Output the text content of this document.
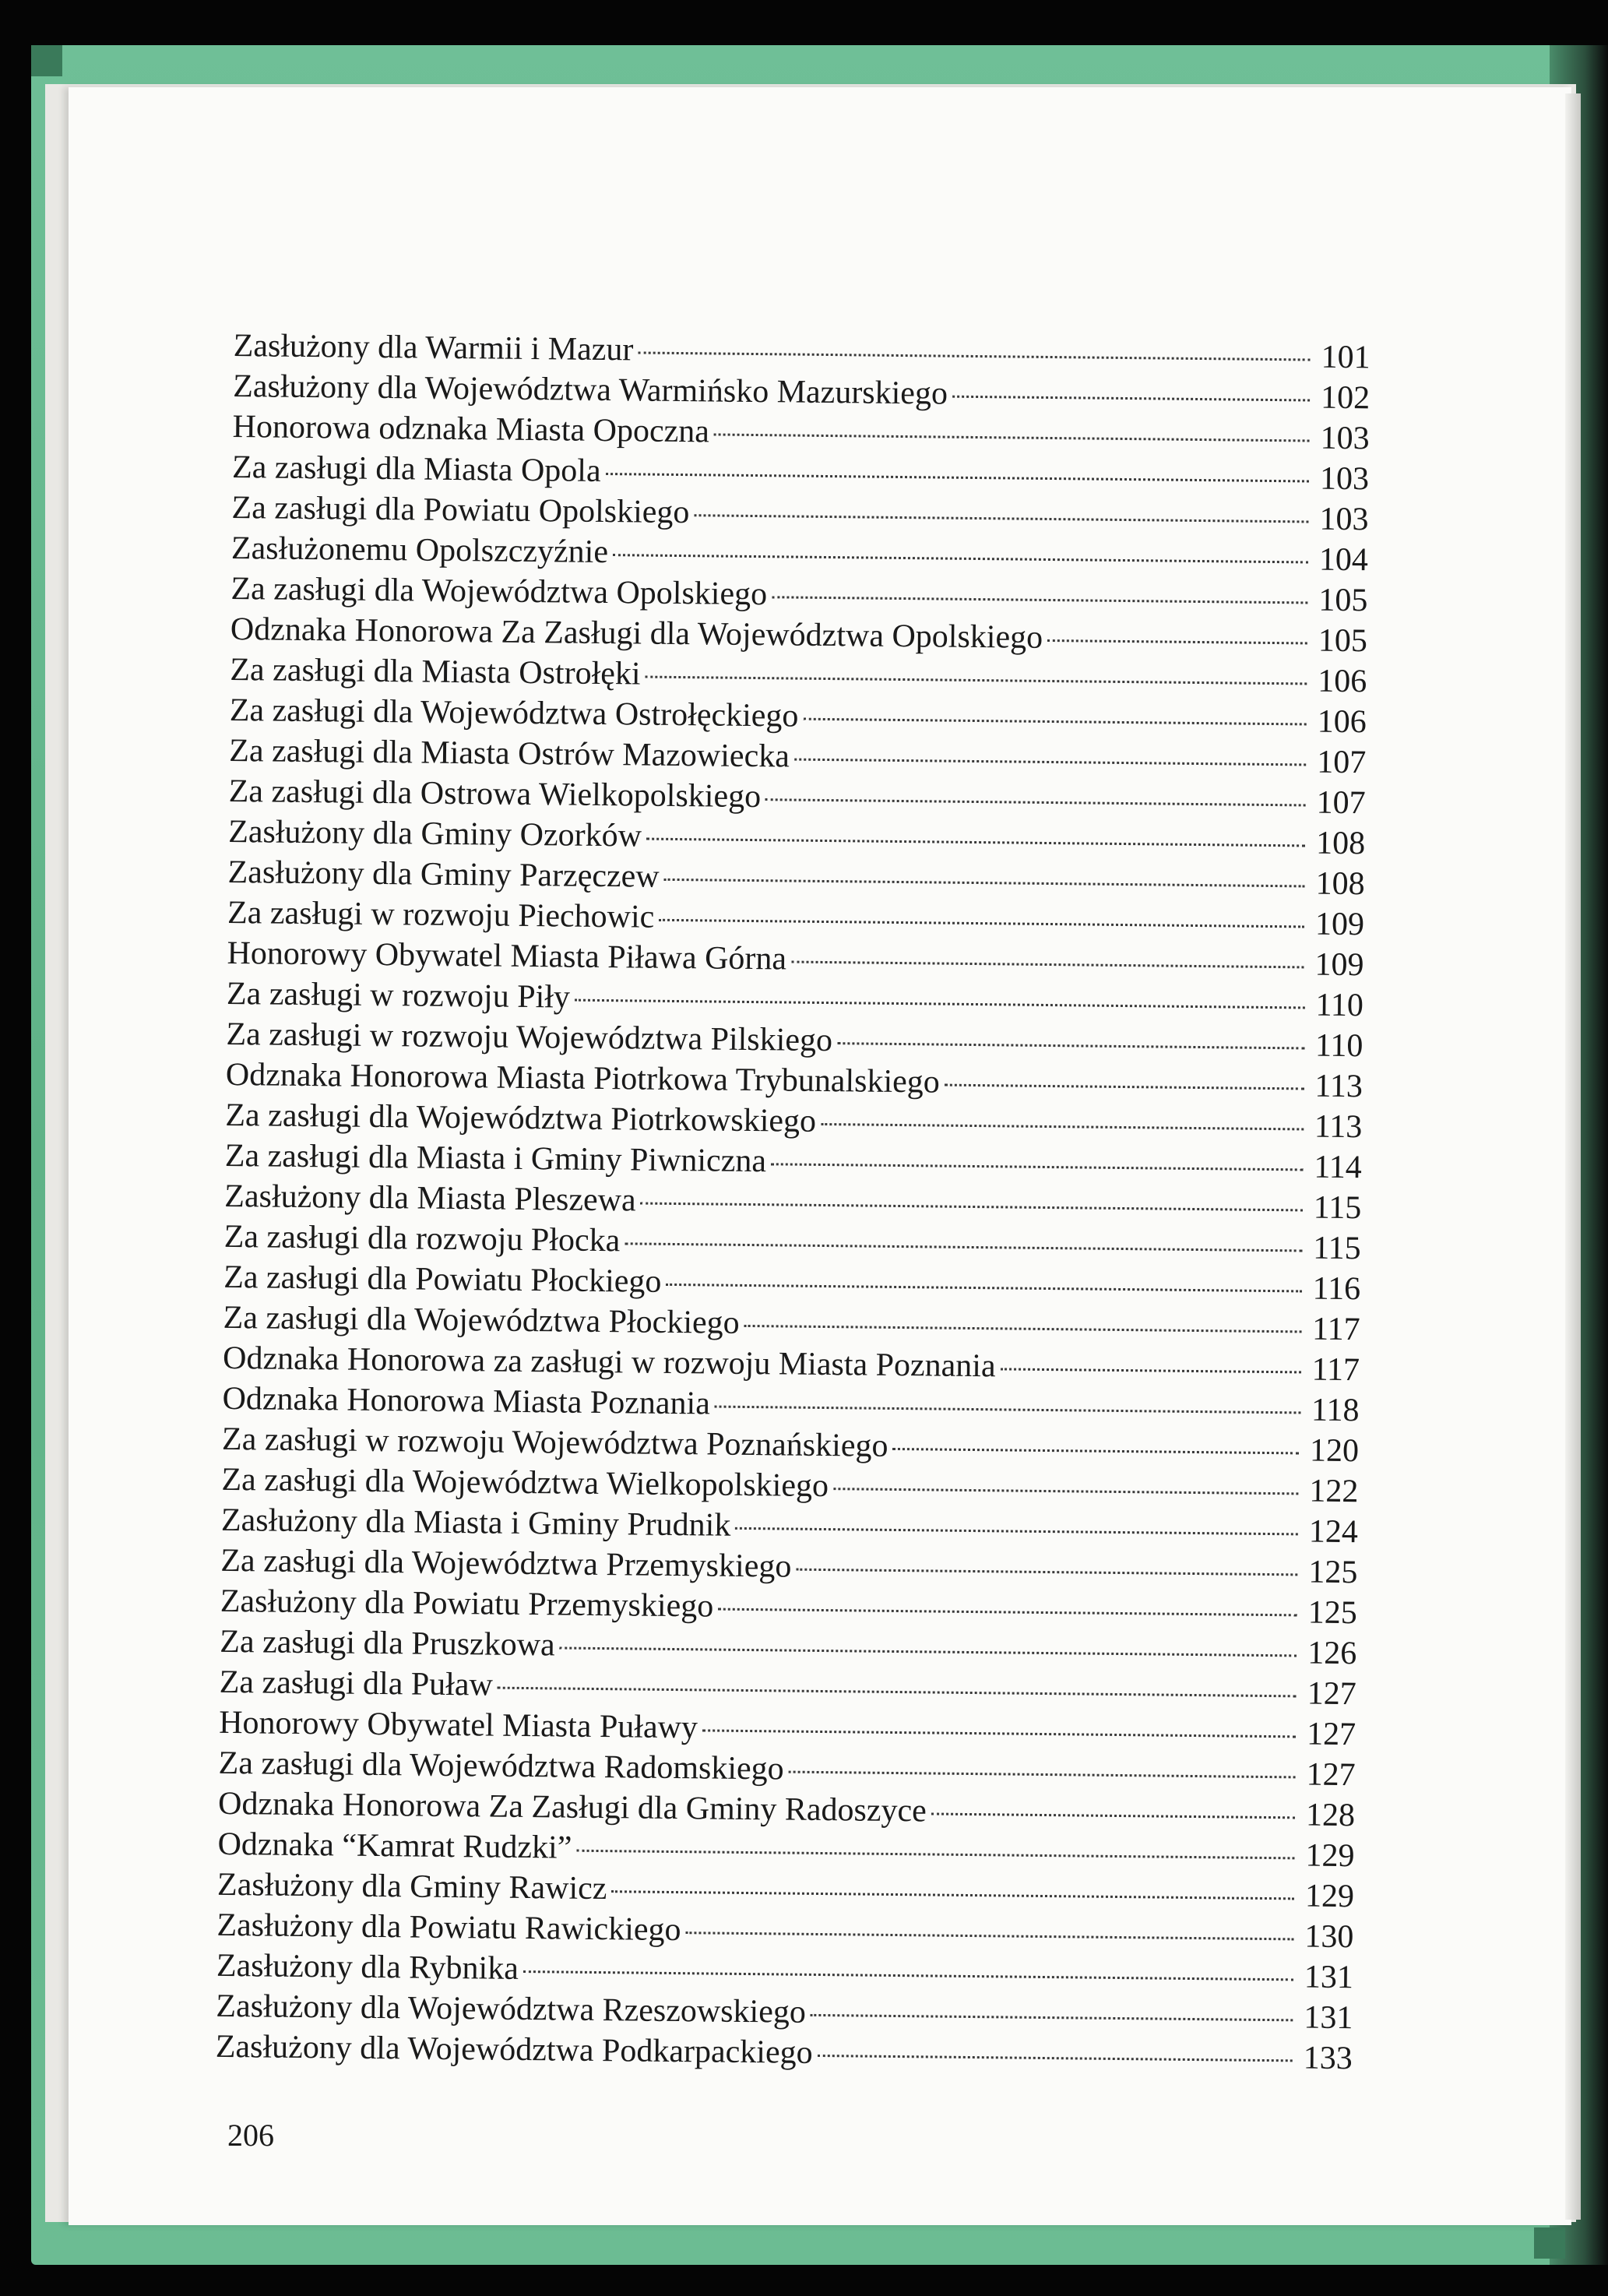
Zasłużony dla Warmii i Mazur	101
Zasłużony dla Województwa Warmińsko Mazurskiego	102
Honorowa odznaka Miasta Opoczna	103
Za zasługi dla Miasta Opola	103
Za zasługi dla Powiatu Opolskiego	103
Zasłużonemu Opolszczyźnie	104
Za zasługi dla Województwa Opolskiego	105
Odznaka Honorowa Za Zasługi dla Województwa Opolskiego	105
Za zasługi dla Miasta Ostrołęki	106
Za zasługi dla Województwa Ostrołęckiego	106
Za zasługi dla Miasta Ostrów Mazowiecka	107
Za zasługi dla Ostrowa Wielkopolskiego	107
Zasłużony dla Gminy Ozorków	108
Zasłużony dla Gminy Parzęczew	108
Za zasługi w rozwoju Piechowic	109
Honorowy Obywatel Miasta Piława Górna	109
Za zasługi w rozwoju Piły	110
Za zasługi w rozwoju Województwa Pilskiego	110
Odznaka Honorowa Miasta Piotrkowa Trybunalskiego	113
Za zasługi dla Województwa Piotrkowskiego	113
Za zasługi dla Miasta i Gminy Piwniczna	114
Zasłużony dla Miasta Pleszewa	115
Za zasługi dla rozwoju Płocka	115
Za zasługi dla Powiatu Płockiego	116
Za zasługi dla Województwa Płockiego	117
Odznaka Honorowa za zasługi w rozwoju Miasta Poznania	117
Odznaka Honorowa Miasta Poznania	118
Za zasługi w rozwoju Województwa Poznańskiego	120
Za zasługi dla Województwa Wielkopolskiego	122
Zasłużony dla Miasta i Gminy Prudnik	124
Za zasługi dla Województwa Przemyskiego	125
Zasłużony dla Powiatu Przemyskiego	125
Za zasługi dla Pruszkowa	126
Za zasługi dla Puław	127
Honorowy Obywatel Miasta Puławy	127
Za zasługi dla Województwa Radomskiego	127
Odznaka Honorowa Za Zasługi dla Gminy Radoszyce	128
Odznaka “Kamrat Rudzki”	129
Zasłużony dla Gminy Rawicz	129
Zasłużony dla Powiatu Rawickiego	130
Zasłużony dla Rybnika	131
Zasłużony dla Województwa Rzeszowskiego	131
Zasłużony dla Województwa Podkarpackiego	133
206
